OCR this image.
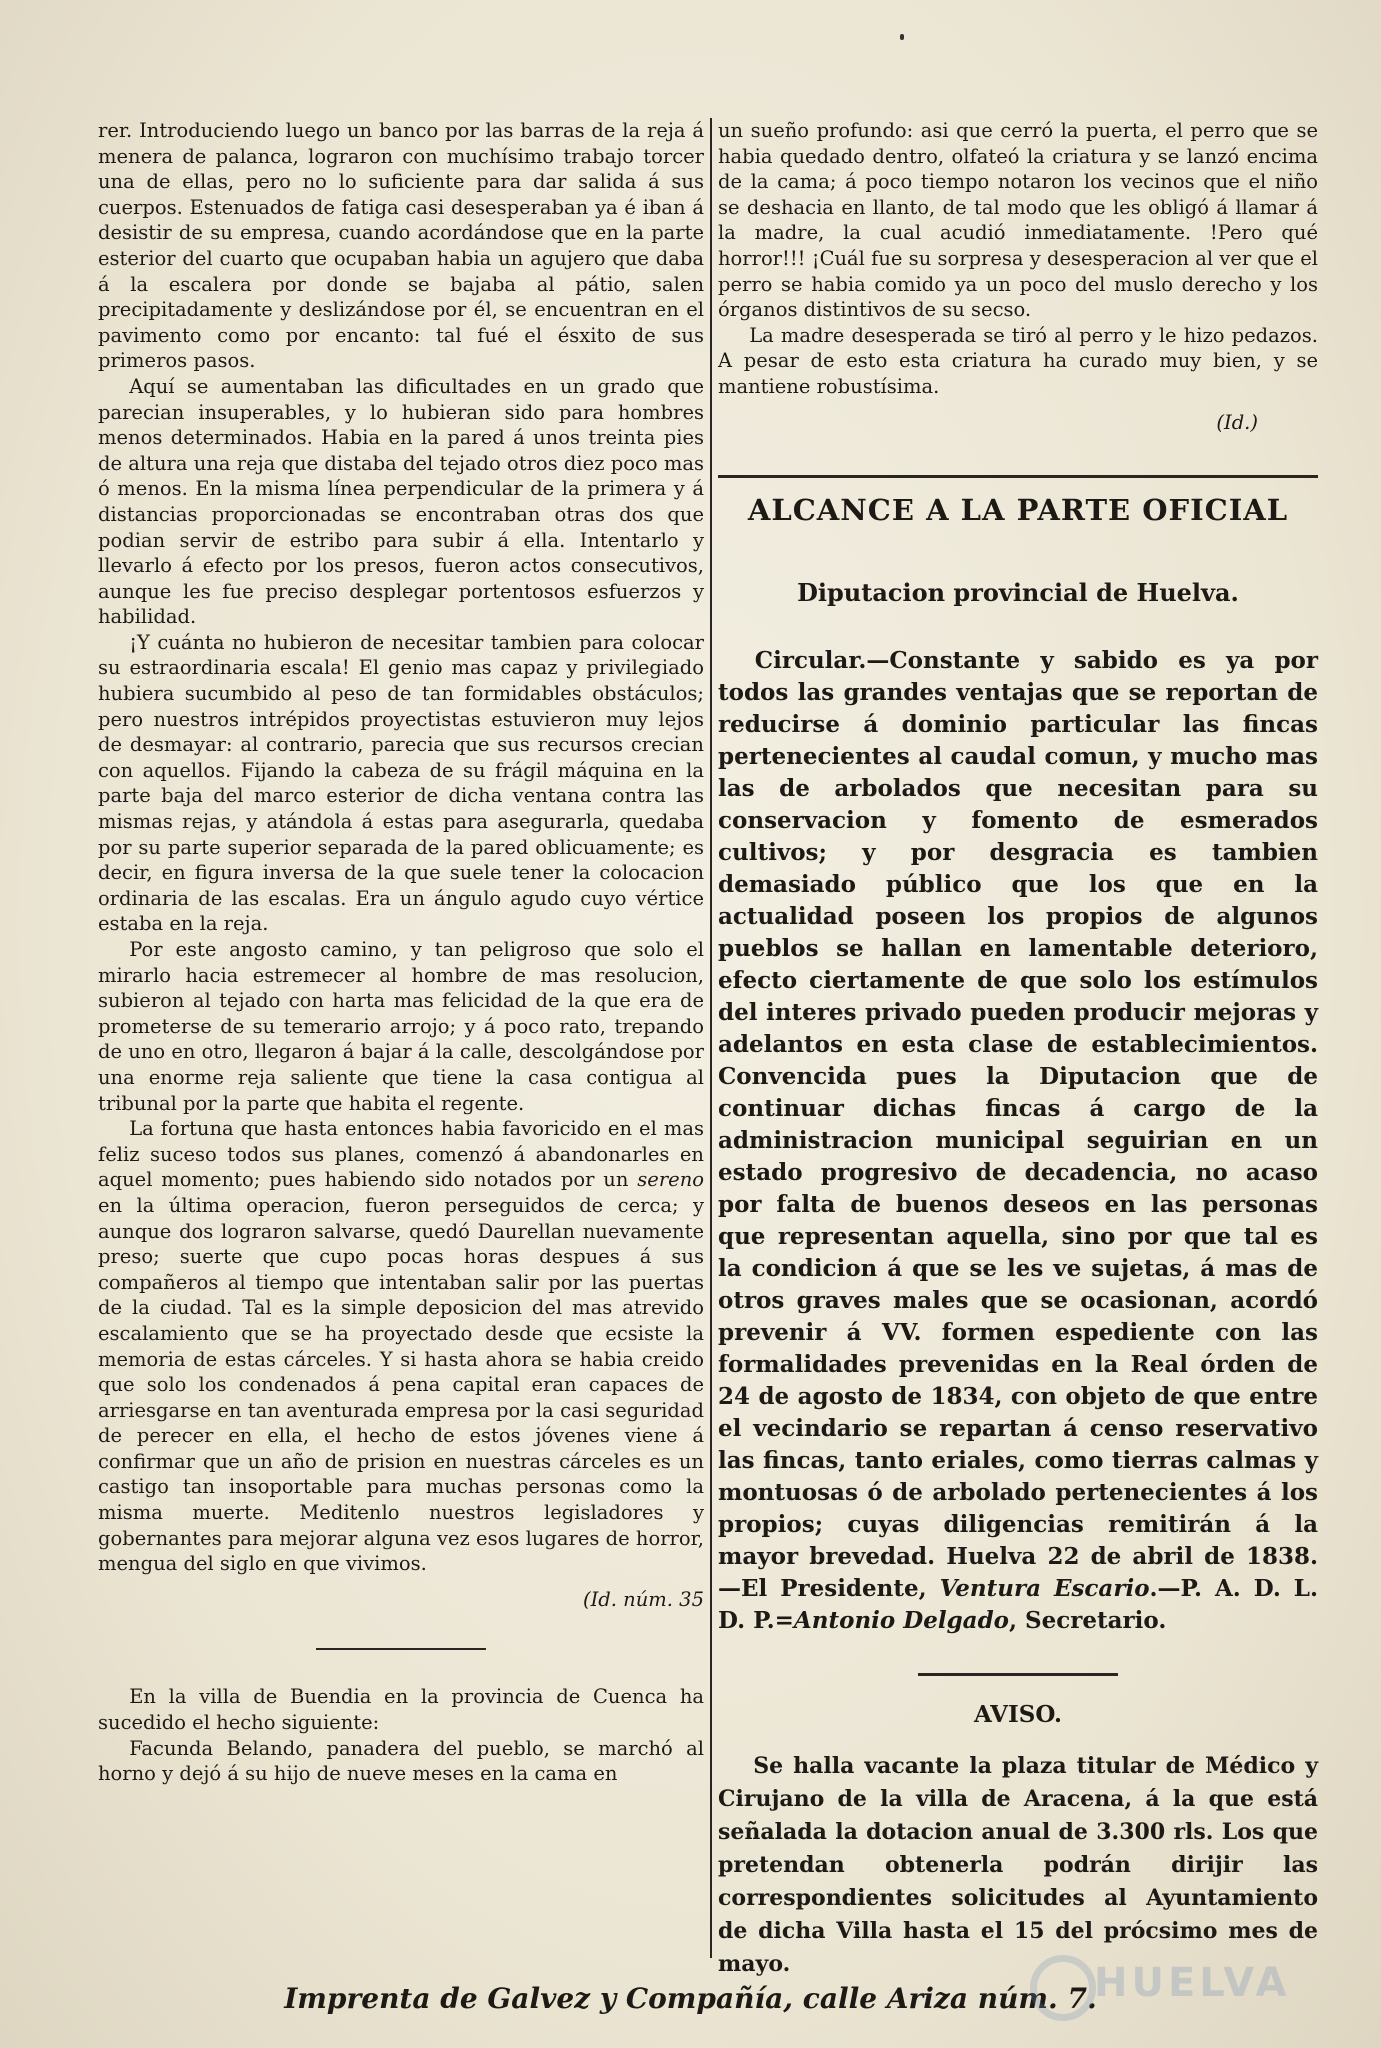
rer. Introduciendo luego un banco por las barras de la reja á menera de palanca, lograron con muchísimo trabajo torcer una de ellas, pero no lo suficiente para dar salida á sus cuerpos. Estenuados de fatiga casi desesperaban ya é iban á desistir de su empresa, cuando acordándose que en la parte esterior del cuarto que ocupaban habia un agujero que daba á la escalera por donde se bajaba al pátio, salen precipitadamente y deslizándose por él, se encuentran en el pavimento como por encanto: tal fué el ésxito de sus primeros pasos.

Aquí se aumentaban las dificultades en un grado que parecian insuperables, y lo hubieran sido para hombres menos determinados. Habia en la pared á unos treinta pies de altura una reja que distaba del tejado otros diez poco mas ó menos. En la misma línea perpendicular de la primera y á distancias proporcionadas se encontraban otras dos que podian servir de estribo para subir á ella. Intentarlo y llevarlo á efecto por los presos, fueron actos consecutivos, aunque les fue preciso desplegar portentosos esfuerzos y habilidad.

¡Y cuánta no hubieron de necesitar tambien para colocar su estraordinaria escala! El genio mas capaz y privilegiado hubiera sucumbido al peso de tan formidables obstáculos; pero nuestros intrépidos proyectistas estuvieron muy lejos de desmayar: al contrario, parecia que sus recursos crecian con aquellos. Fijando la cabeza de su frágil máquina en la parte baja del marco esterior de dicha ventana contra las mismas rejas, y atándola á estas para asegurarla, quedaba por su parte superior separada de la pared oblicuamente; es decir, en figura inversa de la que suele tener la colocacion ordinaria de las escalas. Era un ángulo agudo cuyo vértice estaba en la reja.

Por este angosto camino, y tan peligroso que solo el mirarlo hacia estremecer al hombre de mas resolucion, subieron al tejado con harta mas felicidad de la que era de prometerse de su temerario arrojo; y á poco rato, trepando de uno en otro, llegaron á bajar á la calle, descolgándose por una enorme reja saliente que tiene la casa contigua al tribunal por la parte que habita el regente.

La fortuna que hasta entonces habia favoricido en el mas feliz suceso todos sus planes, comenzó á abandonarles en aquel momento; pues habiendo sido notados por un sereno en la última operacion, fueron perseguidos de cerca; y aunque dos lograron salvarse, quedó Daurellan nuevamente preso; suerte que cupo pocas horas despues á sus compañeros al tiempo que intentaban salir por las puertas de la ciudad. Tal es la simple deposicion del mas atrevido escalamiento que se ha proyectado desde que ecsiste la memoria de estas cárceles. Y si hasta ahora se habia creido que solo los condenados á pena capital eran capaces de arriesgarse en tan aventurada empresa por la casi seguridad de perecer en ella, el hecho de estos jóvenes viene á confirmar que un año de prision en nuestras cárceles es un castigo tan insoportable para muchas personas como la misma muerte. Meditenlo nuestros legisladores y gobernantes para mejorar alguna vez esos lugares de horror, mengua del siglo en que vivimos.

(Id. núm. 35

En la villa de Buendia en la provincia de Cuenca ha sucedido el hecho siguiente:

Facunda Belando, panadera del pueblo, se marchó al horno y dejó á su hijo de nueve meses en la cama en

un sueño profundo: asi que cerró la puerta, el perro que se habia quedado dentro, olfateó la criatura y se lanzó encima de la cama; á poco tiempo notaron los vecinos que el niño se deshacia en llanto, de tal modo que les obligó á llamar á la madre, la cual acudió inmediatamente. !Pero qué horror!!! ¡Cuál fue su sorpresa y desesperacion al ver que el perro se habia comido ya un poco del muslo derecho y los órganos distintivos de su secso.

La madre desesperada se tiró al perro y le hizo pedazos. A pesar de esto esta criatura ha curado muy bien, y se mantiene robustísima.

(Id.)

ALCANCE A LA PARTE OFICIAL
Diputacion provincial de Huelva.

Circular.—Constante y sabido es ya por todos las grandes ventajas que se reportan de reducirse á dominio particular las fincas pertenecientes al caudal comun, y mucho mas las de arbolados que necesitan para su conservacion y fomento de esmerados cultivos; y por desgracia es tambien demasiado público que los que en la actualidad poseen los propios de algunos pueblos se hallan en lamentable deterioro, efecto ciertamente de que solo los estímulos del interes privado pueden producir mejoras y adelantos en esta clase de establecimientos. Convencida pues la Diputacion que de continuar dichas fincas á cargo de la administracion municipal seguirian en un estado progresivo de decadencia, no acaso por falta de buenos deseos en las personas que representan aquella, sino por que tal es la condicion á que se les ve sujetas, á mas de otros graves males que se ocasionan, acordó prevenir á VV. formen espediente con las formalidades prevenidas en la Real órden de 24 de agosto de 1834, con objeto de que entre el vecindario se repartan á censo reservativo las fincas, tanto eriales, como tierras calmas y montuosas ó de arbolado pertenecientes á los propios; cuyas diligencias remitirán á la mayor brevedad. Huelva 22 de abril de 1838.—El Presidente, Ventura Escario.—P. A. D. L. D. P.=Antonio Delgado, Secretario.

AVISO.

Se halla vacante la plaza titular de Médico y Cirujano de la villa de Aracena, á la que está señalada la dotacion anual de 3.300 rls. Los que pretendan obtenerla podrán dirijir las correspondientes solicitudes al Ayuntamiento de dicha Villa hasta el 15 del prócsimo mes de mayo.

Imprenta de Galvez y Compañía, calle Ariza núm. 7.
HUELVA
